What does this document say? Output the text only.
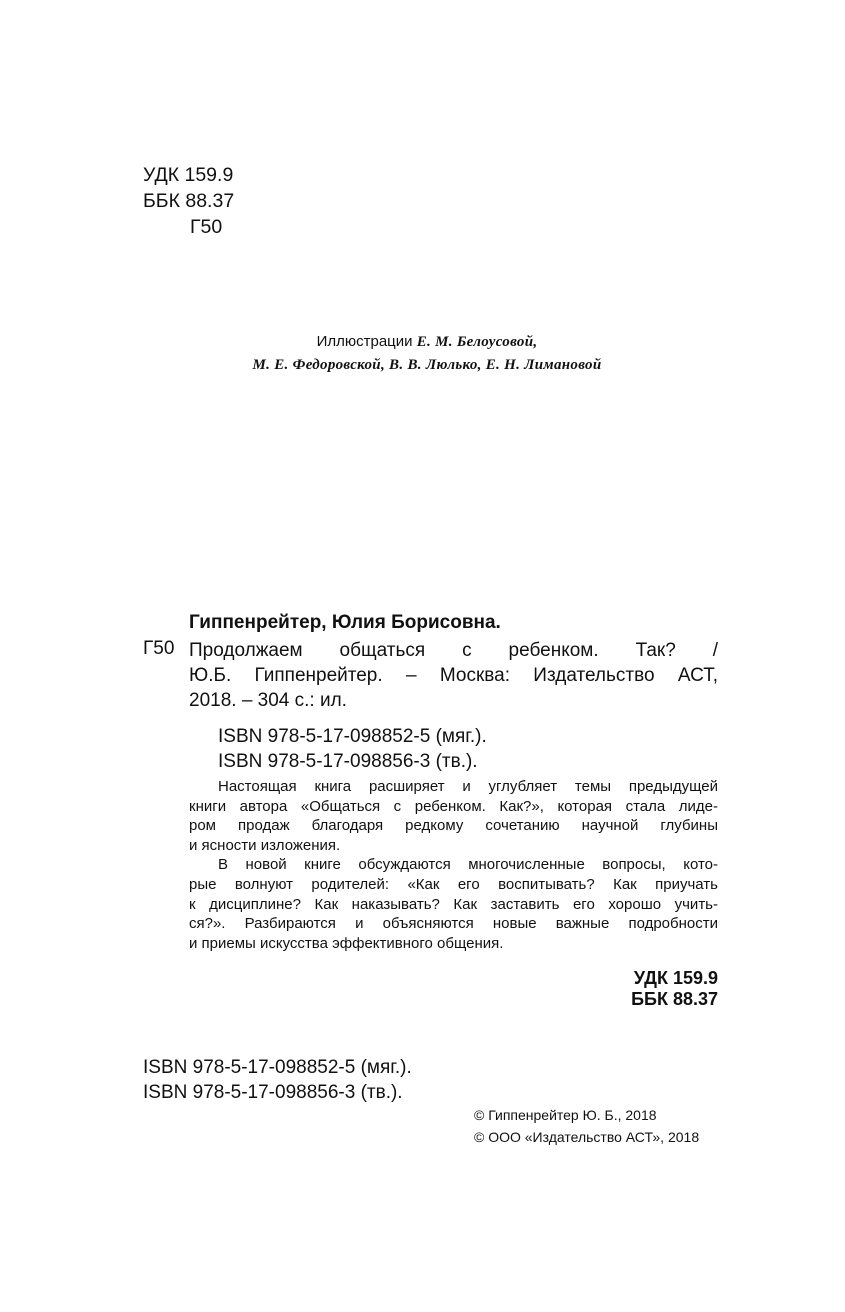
УДК 159.9
ББК 88.37
Г50
Иллюстрации Е. М. Белоусовой,
М. Е. Федоровской, В. В. Люлько, Е. Н. Лимановой
Гиппенрейтер, Юлия Борисовна.
Г50 Продолжаем общаться с ребенком. Так? /
Ю.Б. Гиппенрейтер. – Москва: Издательство АСТ,
2018. – 304 с.: ил.
ISBN 978-5-17-098852-5 (мяг.).
ISBN 978-5-17-098856-3 (тв.).
Настоящая книга расширяет и углубляет темы предыдущей
книги автора «Общаться с ребенком. Как?», которая стала лиде-
ром продаж благодаря редкому сочетанию научной глубины
и ясности изложения.
В новой книге обсуждаются многочисленные вопросы, кото-
рые волнуют родителей: «Как его воспитывать? Как приучать
к дисциплине? Как наказывать? Как заставить его хорошо учить-
ся?». Разбираются и объясняются новые важные подробности
и приемы искусства эффективного общения.
УДК 159.9
ББК 88.37
ISBN 978-5-17-098852-5 (мяг.).
ISBN 978-5-17-098856-3 (тв.).
© Гиппенрейтер Ю. Б., 2018
© ООО «Издательство АСТ», 2018
